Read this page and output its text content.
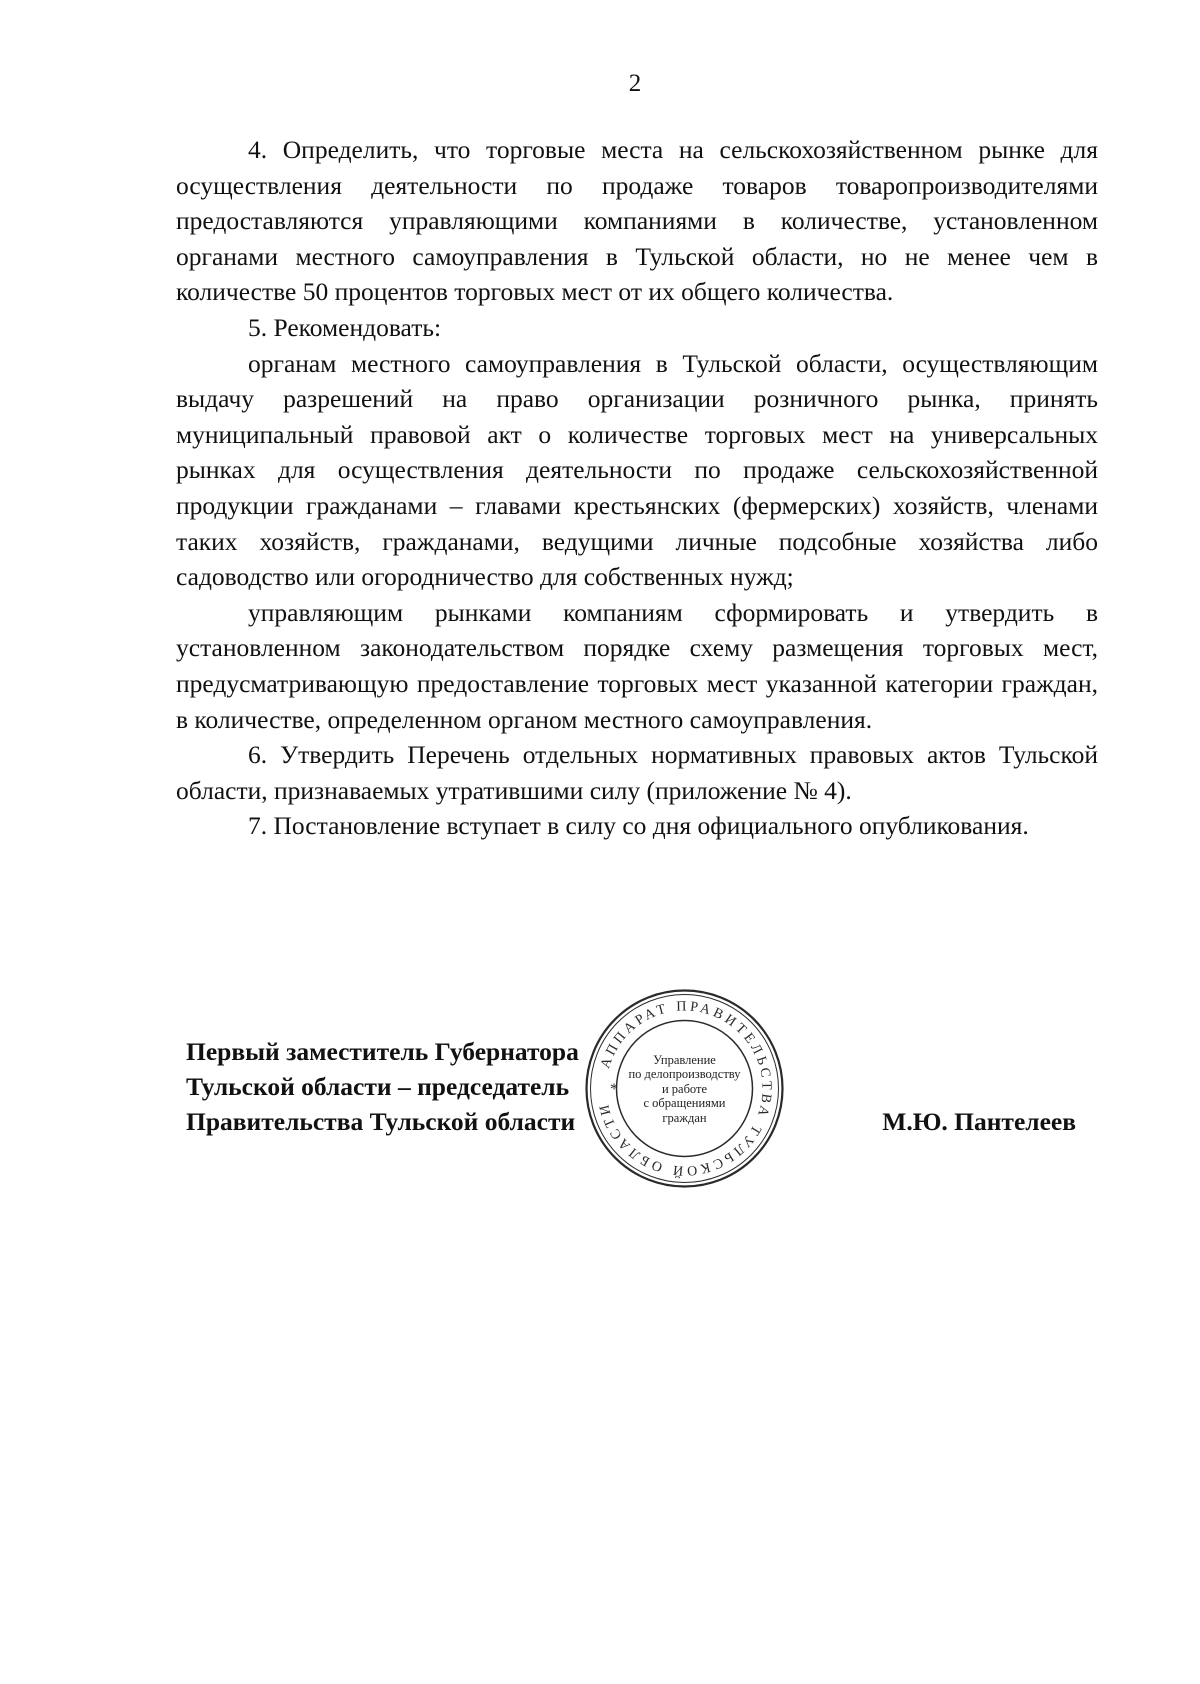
2

4. Определить, что торговые места на сельскохозяйственном рынке для осуществления деятельности по продаже товаров товаропроизводителями предоставляются управляющими компаниями в количестве, установленном органами местного самоуправления в Тульской области, но не менее чем в количестве 50 процентов торговых мест от их общего количества.

5. Рекомендовать:

органам местного самоуправления в Тульской области, осуществляющим выдачу разрешений на право организации розничного рынка, принять муниципальный правовой акт о количестве торговых мест на универсальных рынках для осуществления деятельности по продаже сельскохозяйственной продукции гражданами – главами крестьянских (фермерских) хозяйств, членами таких хозяйств, гражданами, ведущими личные подсобные хозяйства либо садоводство или огородничество для собственных нужд;

управляющим рынками компаниям сформировать и утвердить в установленном законодательством порядке схему размещения торговых мест, предусматривающую предоставление торговых мест указанной категории граждан, в количестве, определенном органом местного самоуправления.

6. Утвердить Перечень отдельных нормативных правовых актов Тульской области, признаваемых утратившими силу (приложение № 4).

7. Постановление вступает в силу со дня официального опубликования.

Первый заместитель Губернатора
Тульской области – председатель
Правительства Тульской области
АППАРАТ ПРАВИТЕЛЬСТВА ТУЛЬСКОЙ ОБЛАСТИ
*
Управление
по делопроизводству
и работе
с обращениями
граждан	М.Ю. Пантелеев
